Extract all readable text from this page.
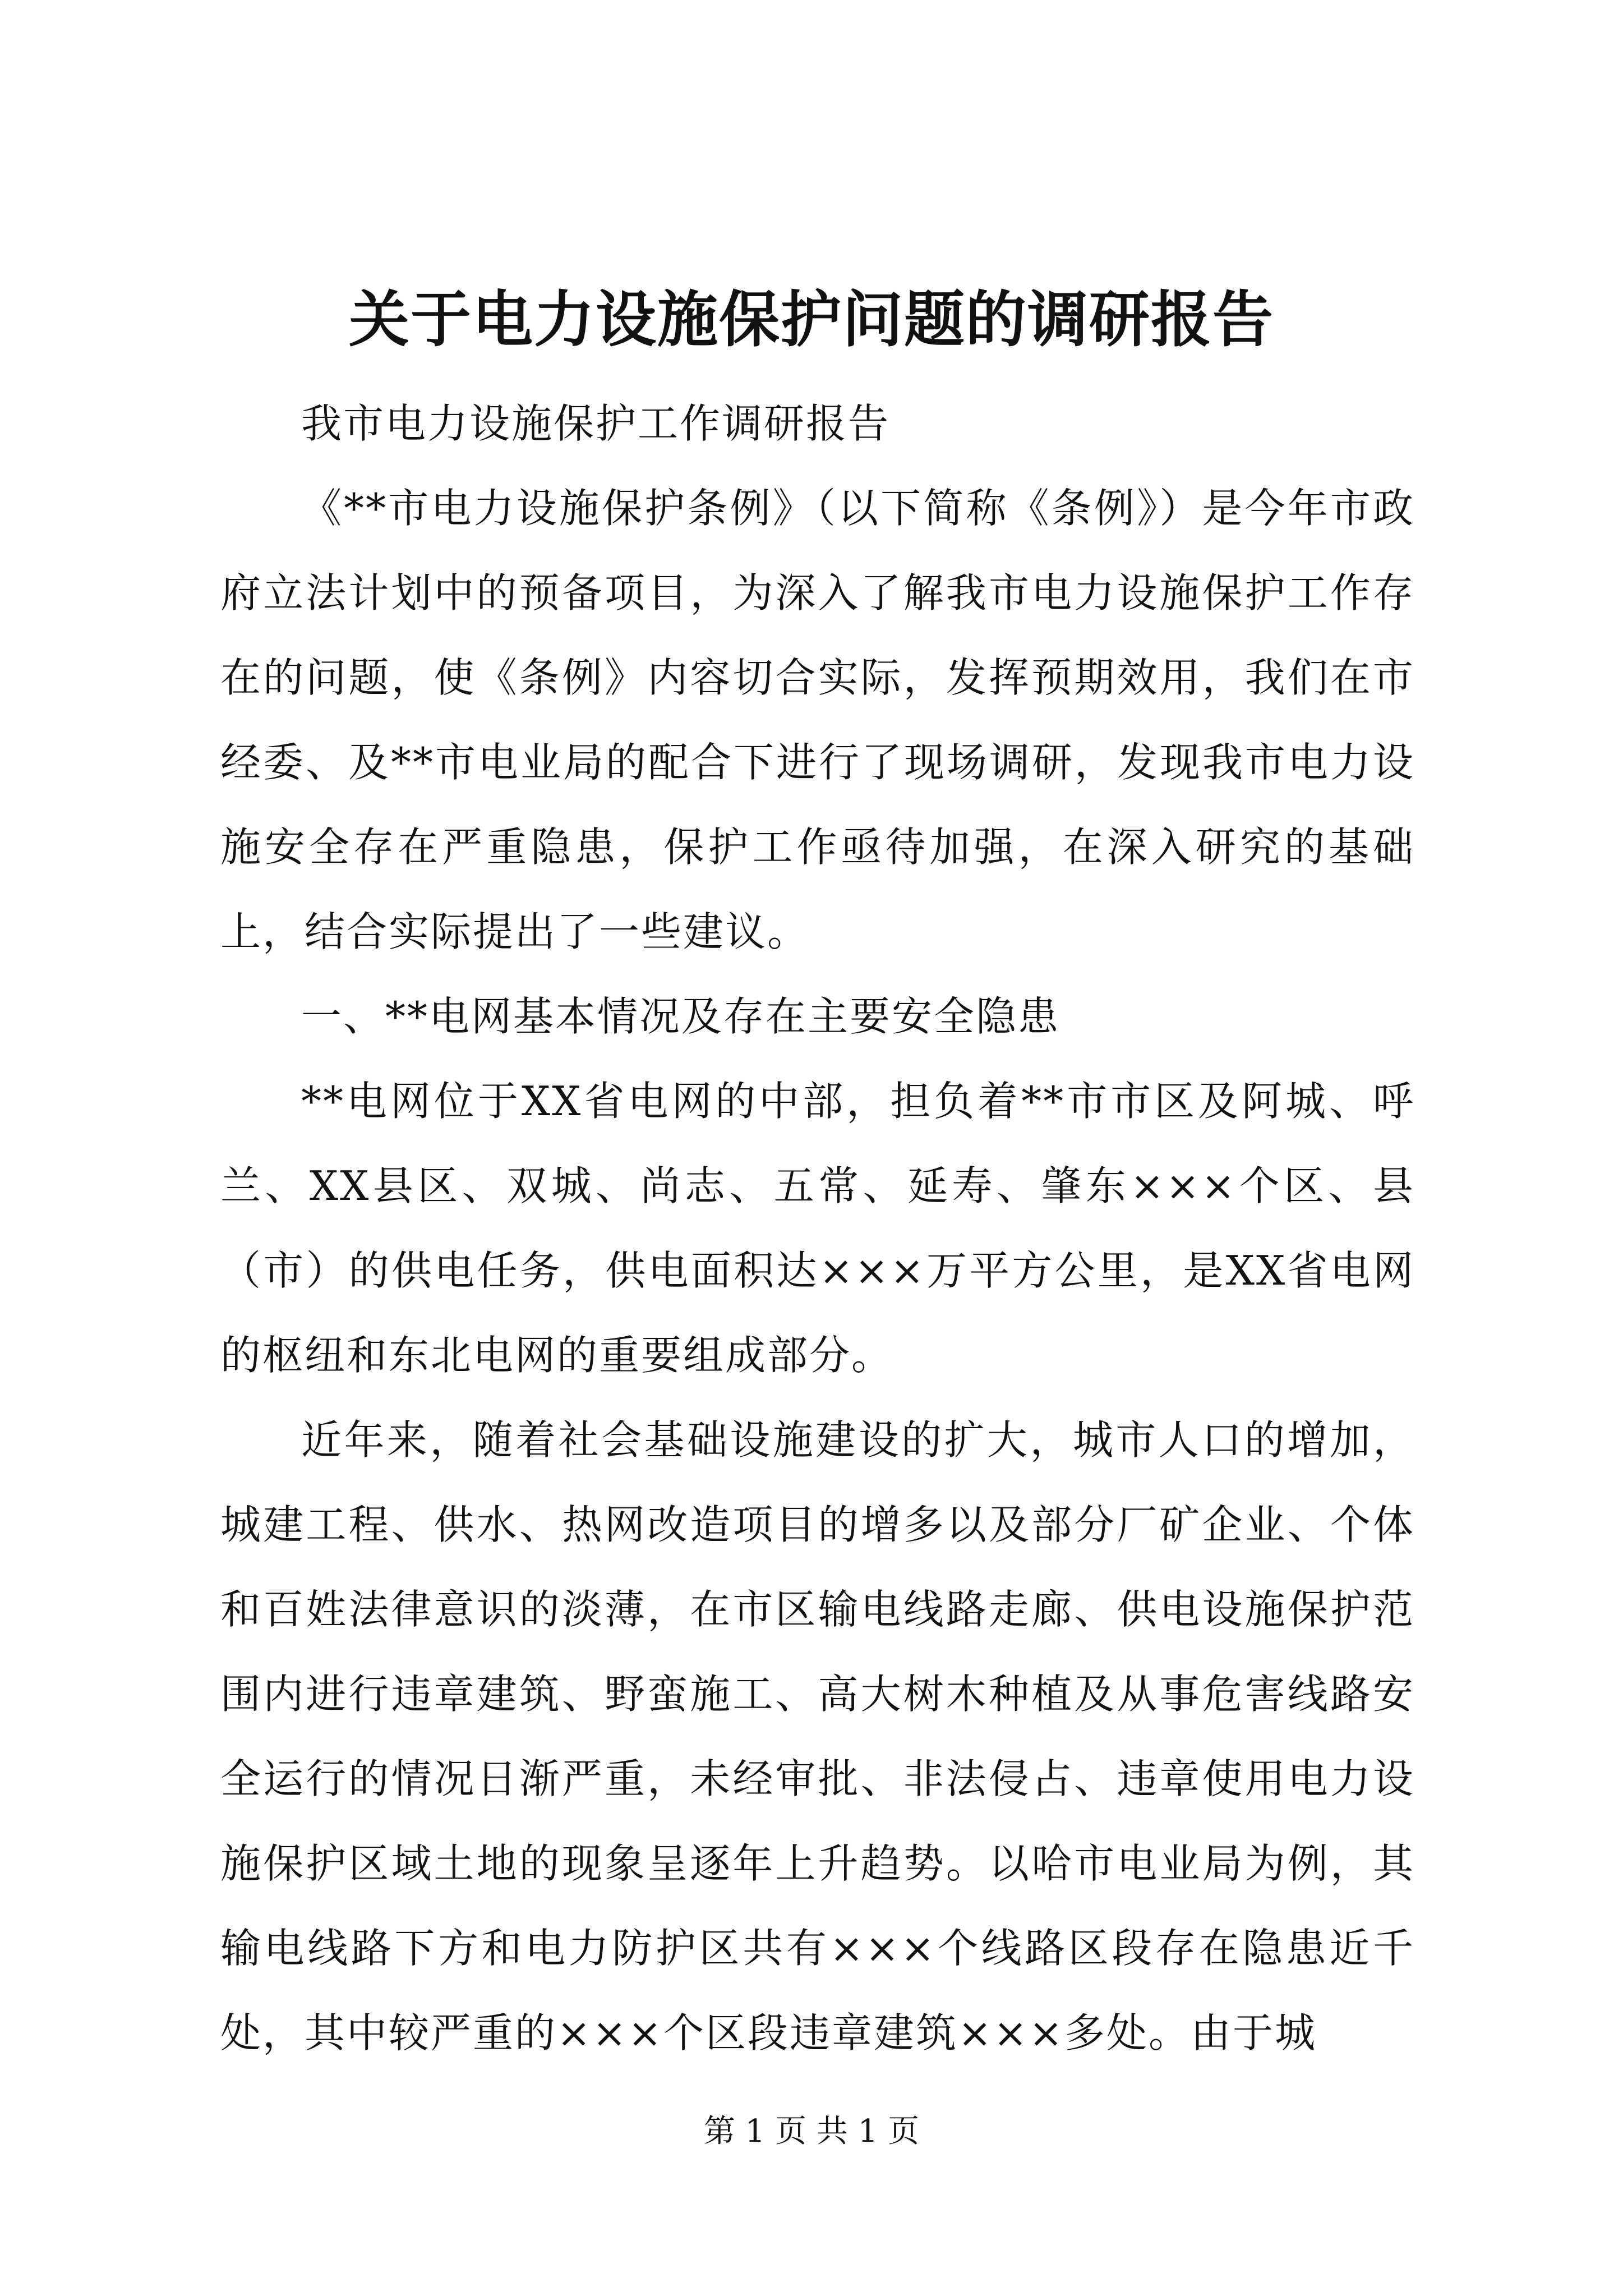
关于电力设施保护问题的调研报告

我市电力设施保护工作调研报告

《**市电力设施保护条例》（以下简称《条例》）是今年市政府立法计划中的预备项目，为深入了解我市电力设施保护工作存在的问题，使《条例》内容切合实际，发挥预期效用，我们在市经委、及**市电业局的配合下进行了现场调研，发现我市电力设施安全存在严重隐患，保护工作亟待加强，在深入研究的基础上，结合实际提出了一些建议。

一、**电网基本情况及存在主要安全隐患

**电网位于XX省电网的中部，担负着**市市区及阿城、呼兰、XX县区、双城、尚志、五常、延寿、肇东×××个区、县（市）的供电任务，供电面积达×××万平方公里，是XX省电网的枢纽和东北电网的重要组成部分。

近年来，随着社会基础设施建设的扩大，城市人口的增加，城建工程、供水、热网改造项目的增多以及部分厂矿企业、个体和百姓法律意识的淡薄，在市区输电线路走廊、供电设施保护范围内进行违章建筑、野蛮施工、高大树木种植及从事危害线路安全运行的情况日渐严重，未经审批、非法侵占、违章使用电力设施保护区域土地的现象呈逐年上升趋势。以哈市电业局为例，其输电线路下方和电力防护区共有×××个线路区段存在隐患近千处，其中较严重的×××个区段违章建筑×××多处。由于城

第 1 页 共 1 页
